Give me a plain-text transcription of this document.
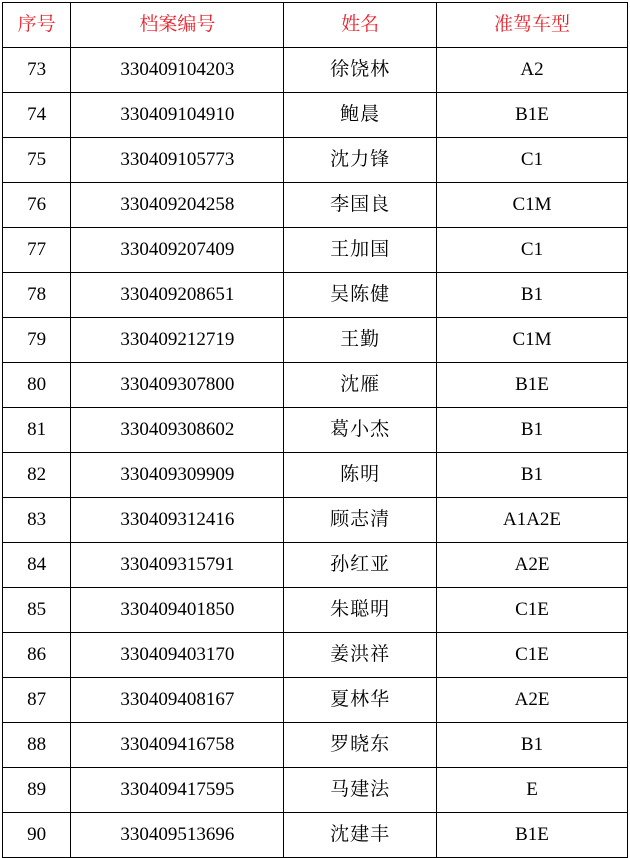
序号	档案编号	姓名	准驾车型
73	330409104203	徐饶林	A2
74	330409104910	鲍晨	B1E
75	330409105773	沈力锋	C1
76	330409204258	李国良	C1M
77	330409207409	王加国	C1
78	330409208651	吴陈健	B1
79	330409212719	王勤	C1M
80	330409307800	沈雁	B1E
81	330409308602	葛小杰	B1
82	330409309909	陈明	B1
83	330409312416	顾志清	A1A2E
84	330409315791	孙红亚	A2E
85	330409401850	朱聪明	C1E
86	330409403170	姜洪祥	C1E
87	330409408167	夏林华	A2E
88	330409416758	罗晓东	B1
89	330409417595	马建法	E
90	330409513696	沈建丰	B1E
